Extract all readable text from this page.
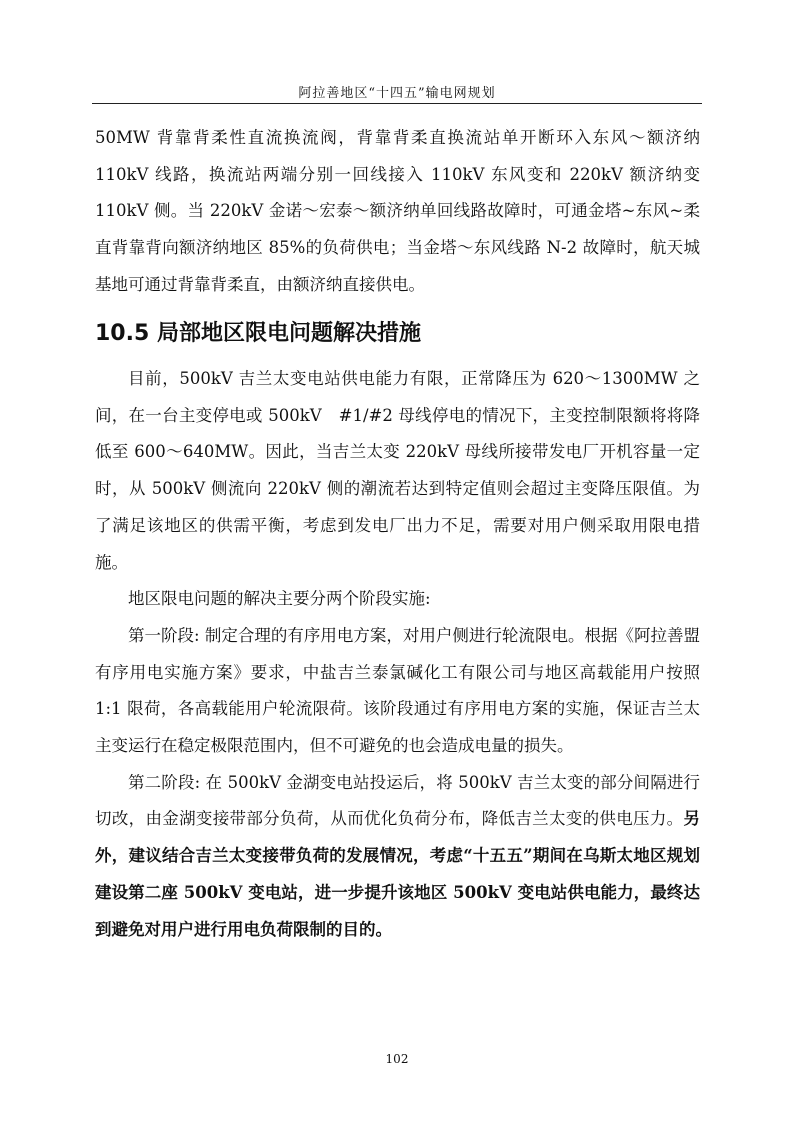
阿拉善地区“十四五”输电网规划

50MW 背靠背柔性直流换流阀，背靠背柔直换流站单开断环入东风～额济纳 110kV 线路，换流站两端分别一回线接入 110kV 东风变和 220kV 额济纳变 110kV 侧。当 220kV 金诺～宏泰～额济纳单回线路故障时，可通金塔~东风~柔直背靠背向额济纳地区 85%的负荷供电；当金塔～东风线路 N-2 故障时，航天城基地可通过背靠背柔直，由额济纳直接供电。

10.5 局部地区限电问题解决措施

目前，500kV 吉兰太变电站供电能力有限，正常降压为 620～1300MW 之间，在一台主变停电或 500kV　#1/#2 母线停电的情况下，主变控制限额将将降低至 600～640MW。因此，当吉兰太变 220kV 母线所接带发电厂开机容量一定时，从 500kV 侧流向 220kV 侧的潮流若达到特定值则会超过主变降压限值。为了满足该地区的供需平衡，考虑到发电厂出力不足，需要对用户侧采取用限电措施。

地区限电问题的解决主要分两个阶段实施:

第一阶段: 制定合理的有序用电方案，对用户侧进行轮流限电。根据《阿拉善盟有序用电实施方案》要求，中盐吉兰泰氯碱化工有限公司与地区高载能用户按照 1:1 限荷，各高载能用户轮流限荷。该阶段通过有序用电方案的实施，保证吉兰太主变运行在稳定极限范围内，但不可避免的也会造成电量的损失。

第二阶段: 在 500kV 金湖变电站投运后，将 500kV 吉兰太变的部分间隔进行切改，由金湖变接带部分负荷，从而优化负荷分布，降低吉兰太变的供电压力。另外，建议结合吉兰太变接带负荷的发展情况，考虑“十五五”期间在乌斯太地区规划建设第二座 500kV 变电站，进一步提升该地区 500kV 变电站供电能力，最终达到避免对用户进行用电负荷限制的目的。

102
